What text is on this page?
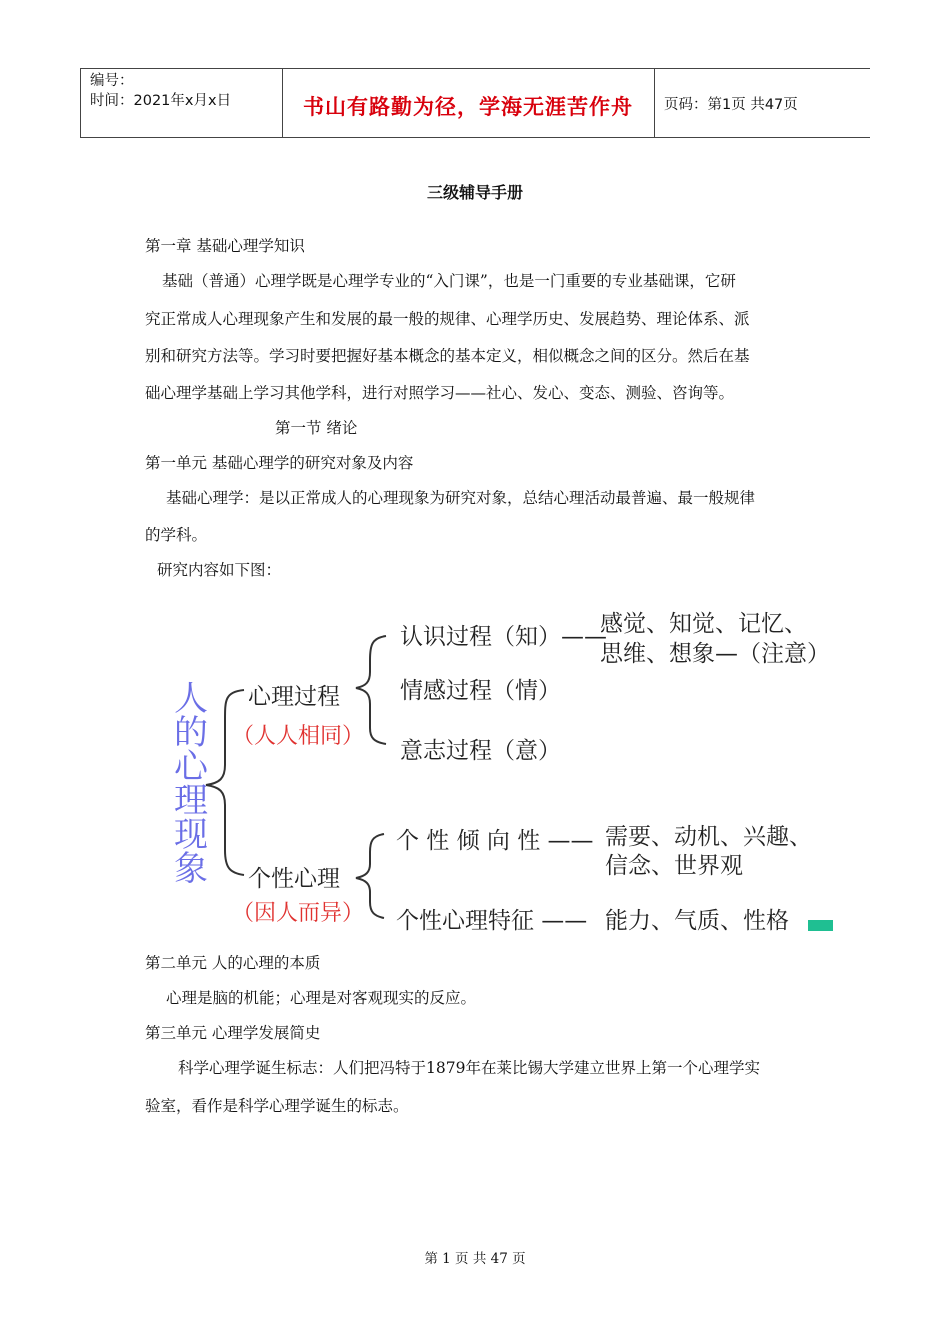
编号：
时间：2021年x月x日	书山有路勤为径，学海无涯苦作舟	页码：第1页 共47页
三级辅导手册
第一章 基础心理学知识
基础（普通）心理学既是心理学专业的“入门课”，也是一门重要的专业基础课，它研
究正常成人心理现象产生和发展的最一般的规律、心理学历史、发展趋势、理论体系、派
别和研究方法等。学习时要把握好基本概念的基本定义，相似概念之间的区分。然后在基
础心理学基础上学习其他学科，进行对照学习——社心、发心、变态、测验、咨询等。
第一节 绪论
第一单元 基础心理学的研究对象及内容
基础心理学：是以正常成人的心理现象为研究对象，总结心理活动最普遍、最一般规律
的学科。
研究内容如下图：
人的心理现象
心理过程
（人人相同）
认识过程（知）——
感觉、知觉、记忆、
思维、想象—（注意）
情感过程（情）
意志过程（意）
个性心理
（因人而异）
个 性 倾 向 性 —— 需要、动机、兴趣、
信念、世界观
个性心理特征 —— 能力、气质、性格
第二单元 人的心理的本质
心理是脑的机能；心理是对客观现实的反应。
第三单元 心理学发展简史
科学心理学诞生标志：人们把冯特于1879年在莱比锡大学建立世界上第一个心理学实
验室，看作是科学心理学诞生的标志。
第 1 页 共 47 页
